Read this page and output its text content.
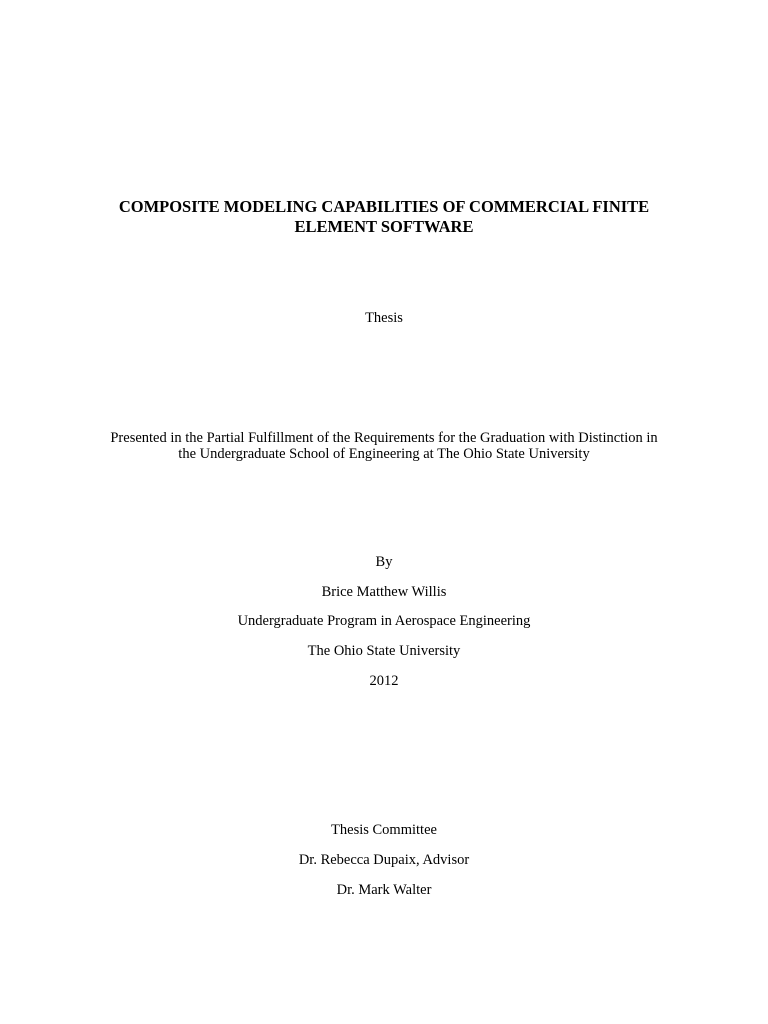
COMPOSITE MODELING CAPABILITIES OF COMMERCIAL FINITE
ELEMENT SOFTWARE
Thesis
Presented in the Partial Fulfillment of the Requirements for the Graduation with Distinction in
the Undergraduate School of Engineering at The Ohio State University
By
Brice Matthew Willis
Undergraduate Program in Aerospace Engineering
The Ohio State University
2012
Thesis Committee
Dr. Rebecca Dupaix, Advisor
Dr. Mark Walter
